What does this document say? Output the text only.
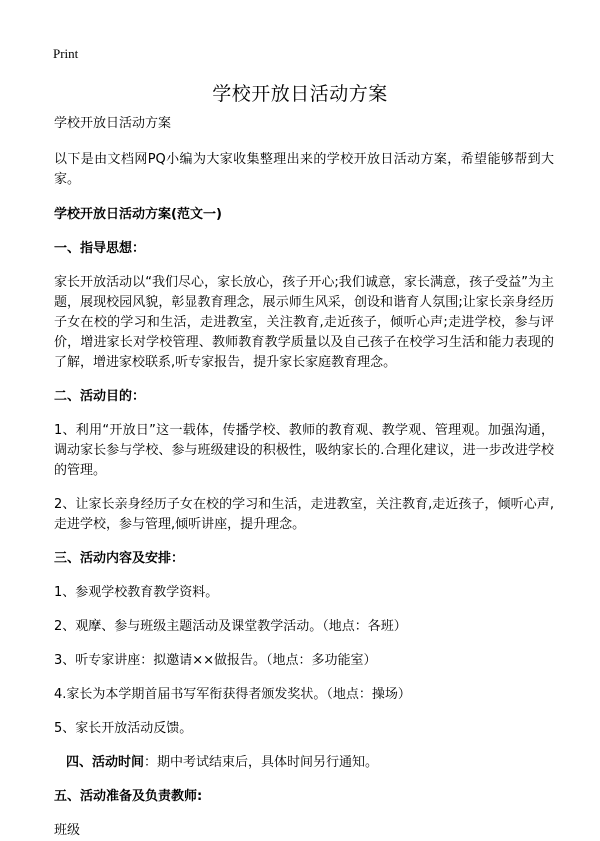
Print
学校开放日活动方案

学校开放日活动方案

以下是由文档网PQ小编为大家收集整理出来的学校开放日活动方案，希望能够帮到大家。

学校开放日活动方案(范文一)

一、指导思想：

家长开放活动以“我们尽心，家长放心，孩子开心;我们诚意，家长满意，孩子受益”为主题，展现校园风貌，彰显教育理念，展示师生风采，创设和谐育人氛围;让家长亲身经历子女在校的学习和生活，走进教室，关注教育,走近孩子，倾听心声;走进学校，参与评价，增进家长对学校管理、教师教育教学质量以及自己孩子在校学习生活和能力表现的了解，增进家校联系,听专家报告，提升家长家庭教育理念。

二、活动目的：

1、利用“开放日”这一载体，传播学校、教师的教育观、教学观、管理观。加强沟通，调动家长参与学校、参与班级建设的积极性，吸纳家长的.合理化建议，进一步改进学校的管理。

2、让家长亲身经历子女在校的学习和生活，走进教室，关注教育,走近孩子，倾听心声,走进学校，参与管理,倾听讲座，提升理念。

三、活动内容及安排：

1、参观学校教育教学资料。

2、观摩、参与班级主题活动及课堂教学活动。（地点：各班）

3、听专家讲座：拟邀请××做报告。（地点：多功能室）

4.家长为本学期首届书写军衔获得者颁发奖状。（地点：操场）

5、家长开放活动反馈。

四、活动时间：期中考试结束后，具体时间另行通知。

五、活动准备及负责教师:

班级
